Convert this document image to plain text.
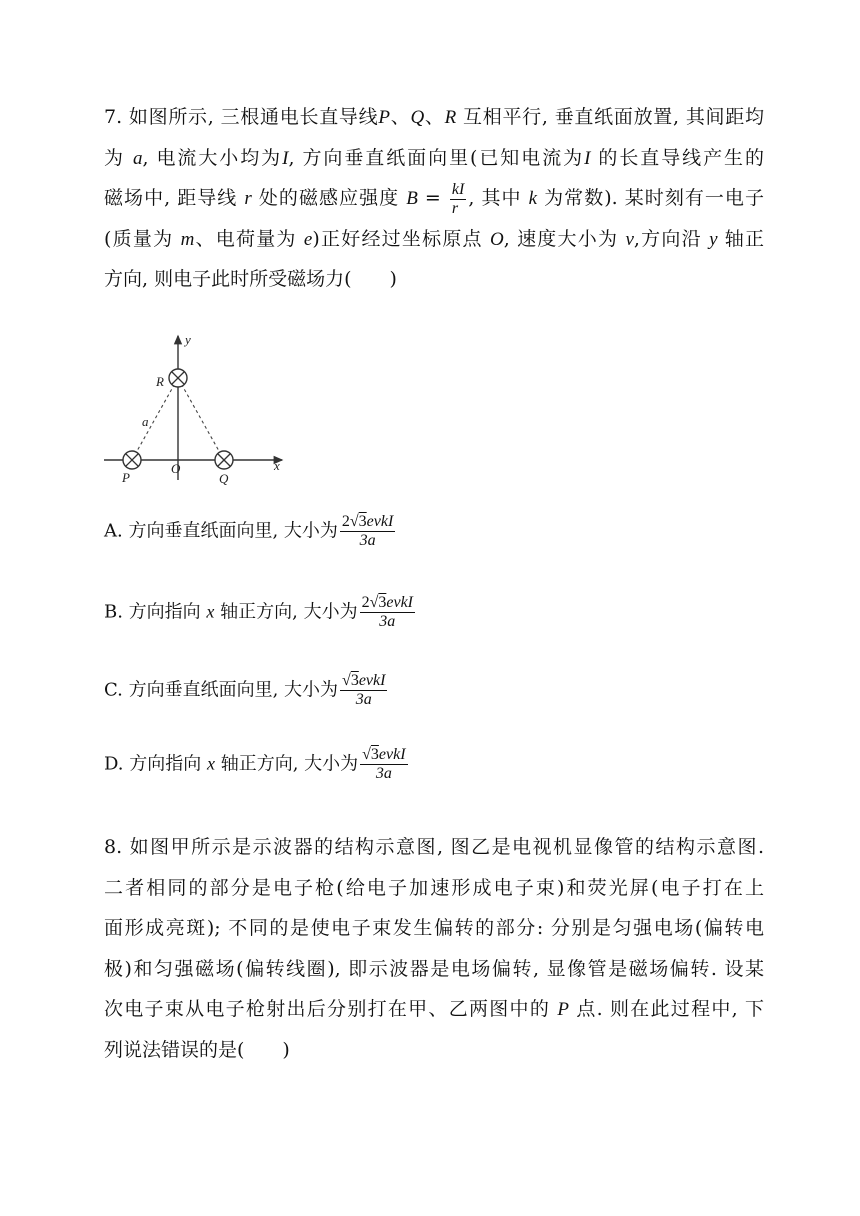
7. 如图所示, 三根通电长直导线P、Q、R 互相平行, 垂直纸面放置, 其间距均
为 a, 电流大小均为I, 方向垂直纸面向里(已知电流为I 的长直导线产生的
磁场中, 距导线 r 处的磁感应强度 $B = \frac{kI}{r}$ , 其中 k 为常数). 某时刻有一电子
(质量为 m、电荷量为 e)正好经过坐标原点 O, 速度大小为 v,方向沿 y 轴正
方向, 则电子此时所受磁场力(　　)
y
x
R
a
P
O
Q
A. 方向垂直纸面向里, 大小为 $\frac{\text{2√3evkI}}{3a}$
B. 方向指向 x 轴正方向, 大小为 $\frac{\text{2√3evkI}}{3a}$
C. 方向垂直纸面向里, 大小为 $\frac{\text{√3evkI}}{3a}$
D. 方向指向 x 轴正方向, 大小为 $\frac{\text{√3evkI}}{3a}$
8. 如图甲所示是示波器的结构示意图, 图乙是电视机显像管的结构示意图.
二者相同的部分是电子枪(给电子加速形成电子束)和荧光屏(电子打在上
面形成亮斑); 不同的是使电子束发生偏转的部分: 分别是匀强电场(偏转电
极)和匀强磁场(偏转线圈), 即示波器是电场偏转, 显像管是磁场偏转. 设某
次电子束从电子枪射出后分别打在甲、乙两图中的 P 点. 则在此过程中, 下
列说法错误的是(　　)
